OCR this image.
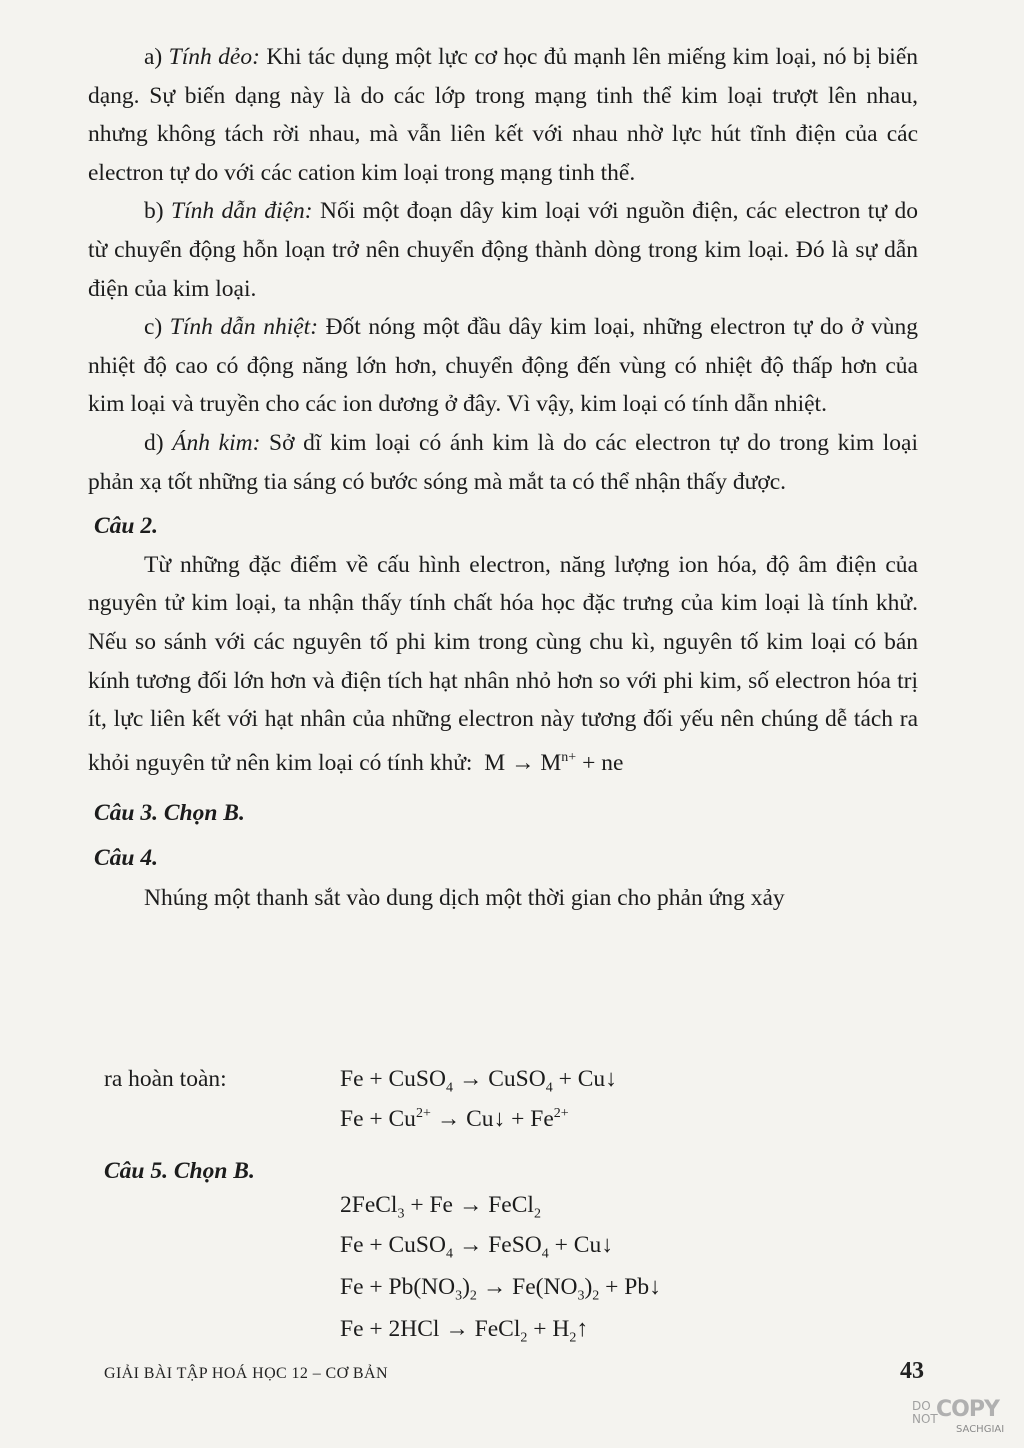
a) Tính dẻo: Khi tác dụng một lực cơ học đủ mạnh lên miếng kim loại, nó bị biến dạng. Sự biến dạng này là do các lớp trong mạng tinh thể kim loại trượt lên nhau, nhưng không tách rời nhau, mà vẫn liên kết với nhau nhờ lực hút tĩnh điện của các electron tự do với các cation kim loại trong mạng tinh thể.

b) Tính dẫn điện: Nối một đoạn dây kim loại với nguồn điện, các electron tự do từ chuyển động hỗn loạn trở nên chuyển động thành dòng trong kim loại. Đó là sự dẫn điện của kim loại.

c) Tính dẫn nhiệt: Đốt nóng một đầu dây kim loại, những electron tự do ở vùng nhiệt độ cao có động năng lớn hơn, chuyển động đến vùng có nhiệt độ thấp hơn của kim loại và truyền cho các ion dương ở đây. Vì vậy, kim loại có tính dẫn nhiệt.

d) Ánh kim: Sở dĩ kim loại có ánh kim là do các electron tự do trong kim loại phản xạ tốt những tia sáng có bước sóng mà mắt ta có thể nhận thấy được.

Câu 2.

Từ những đặc điểm về cấu hình electron, năng lượng ion hóa, độ âm điện của nguyên tử kim loại, ta nhận thấy tính chất hóa học đặc trưng của kim loại là tính khử. Nếu so sánh với các nguyên tố phi kim trong cùng chu kì, nguyên tố kim loại có bán kính tương đối lớn hơn và điện tích hạt nhân nhỏ hơn so với phi kim, số electron hóa trị ít, lực liên kết với hạt nhân của những electron này tương đối yếu nên chúng dễ tách ra khỏi nguyên tử nên kim loại có tính khử: $M \to M^{n+}$ + ne

Câu 3. Chọn B.

Câu 4.

Nhúng một thanh sắt vào dung dịch một thời gian cho phản ứng xảy

ra hoàn toàn:	Fe + CuSO$_4$ → CuSO$_4$ + Cu↓
$Fe + Cu^{2+}$ → Cu↓ + $Fe^{2+}$

Câu 5. Chọn B.

2FeCl$_3$ + Fe → FeCl$_2$
Fe + CuSO$_4$ → FeSO$_4$ + Cu↓
$Fe + Pb(NO_3)_2 \to Fe(NO_3)_2$ + Pb↓
Fe + 2HCl → FeCl$_2$ + $H_2↑$
GIẢI BÀI TẬP HOÁ HỌC 12 – CƠ BẢN	43
DO
NOT
COPY
SACHGIAI
